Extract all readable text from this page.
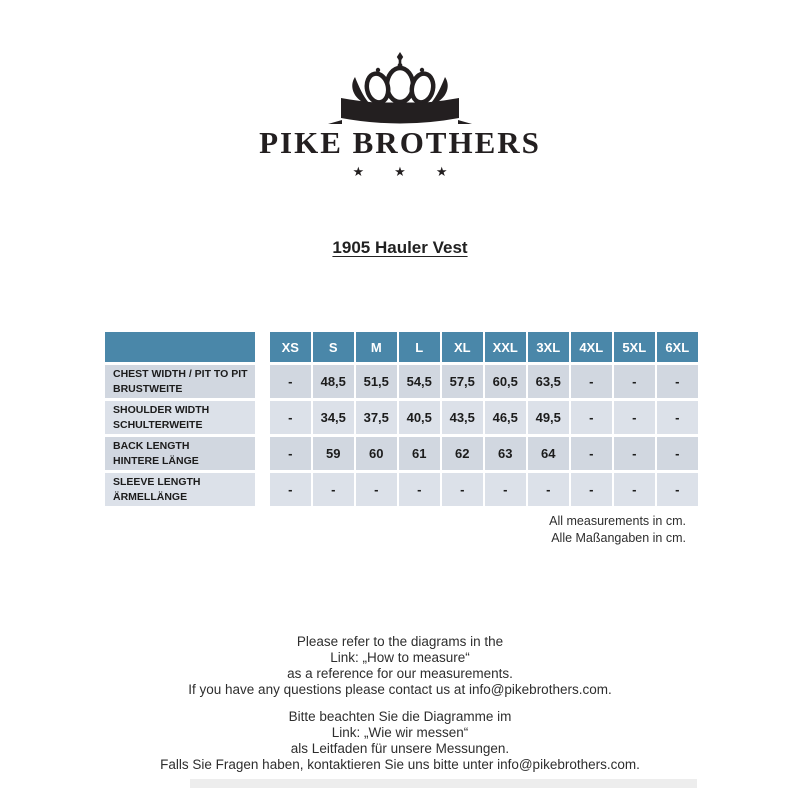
PIKE BROTHERS
★ ★ ★
1905 Hauler Vest
XS	S	M	L	XL	XXL	3XL	4XL	5XL	6XL
CHEST WIDTH / PIT TO PIT
BRUSTWEITE	-	48,5	51,5	54,5	57,5	60,5	63,5	-	-	-
SHOULDER WIDTH
SCHULTERWEITE	-	34,5	37,5	40,5	43,5	46,5	49,5	-	-	-
BACK LENGTH
HINTERE LÄNGE	-	59	60	61	62	63	64	-	-	-
SLEEVE LENGTH
ÄRMELLÄNGE	-	-	-	-	-	-	-	-	-	-
All measurements in cm.
Alle Maßangaben in cm.
Please refer to the diagrams in the
Link: „How to measure“
as a reference for our measurements.
If you have any questions please contact us at info@pikebrothers.com.
Bitte beachten Sie die Diagramme im
Link: „Wie wir messen“
als Leitfaden für unsere Messungen.
Falls Sie Fragen haben, kontaktieren Sie uns bitte unter info@pikebrothers.com.
